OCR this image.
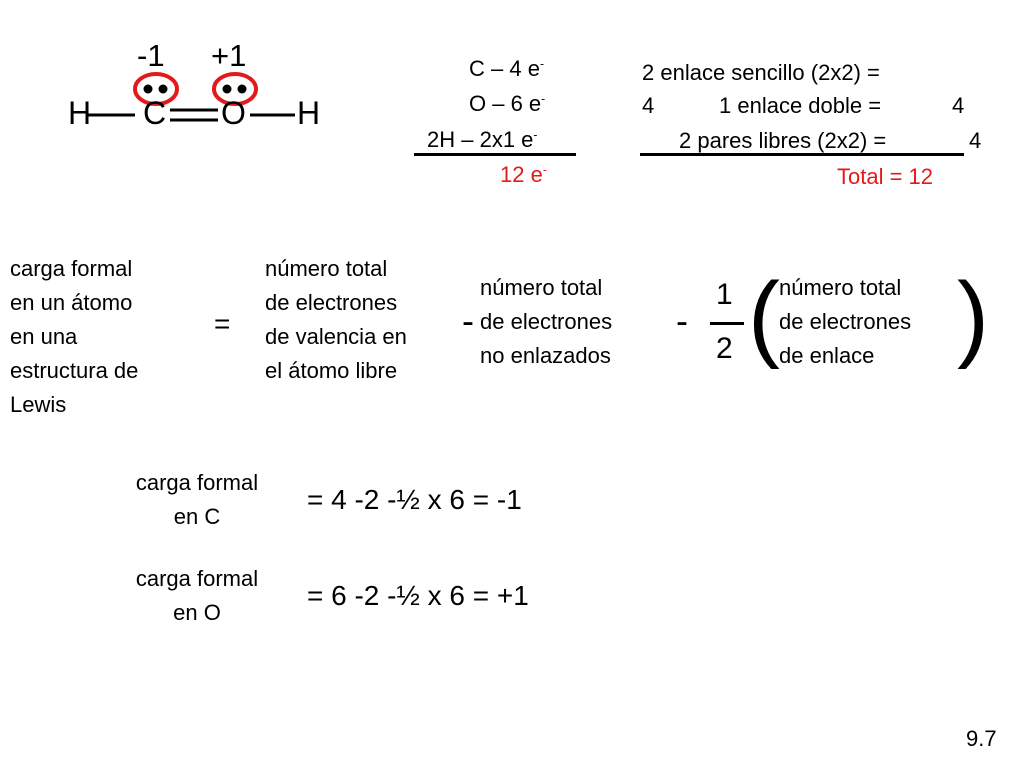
-1 +1
H C O H
C – 4 e-
O – 6 e-
2H – 2x1 e-
12 e-
2 enlace sencillo (2x2) =
4	1 enlace doble =	4
2 pares libres (2x2) =	4
Total = 12
carga formal
en un átomo
en una
estructura de
Lewis
=
número total
de electrones
de valencia en
el átomo libre
-
número total
de electrones
no enlazados
-
1
2 ( número total
de electrones
de enlace )
carga formal
en C
= 4 -2 -½ x 6 = -1
carga formal
en O
= 6 -2 -½ x 6 = +1
9.7
